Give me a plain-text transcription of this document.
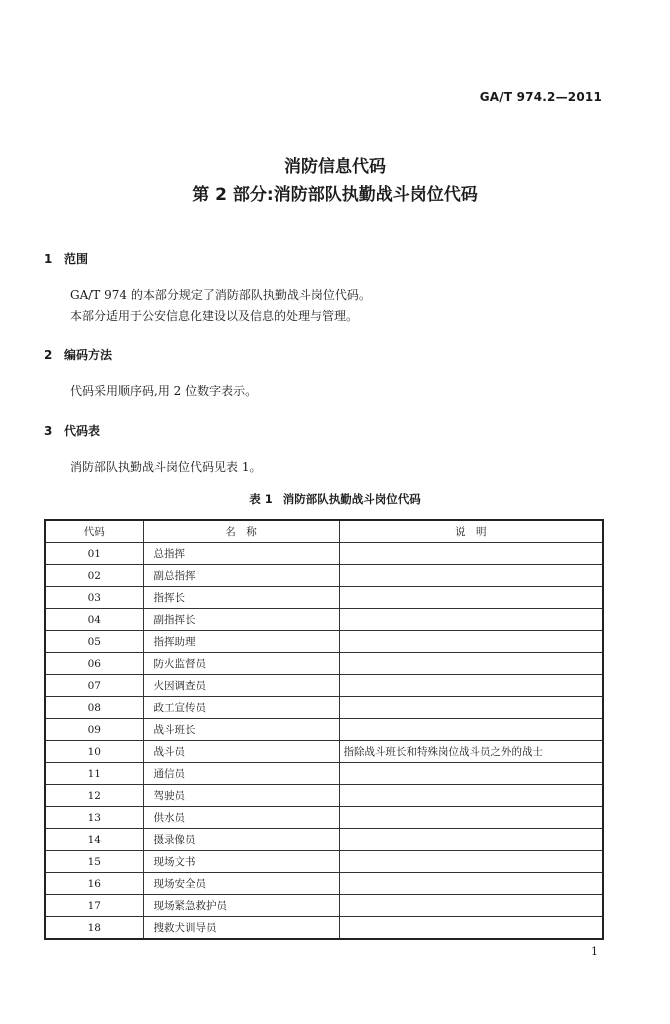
GA/T 974.2—2011
消防信息代码
第 2 部分:消防部队执勤战斗岗位代码
1 范围
GA/T 974 的本部分规定了消防部队执勤战斗岗位代码。
本部分适用于公安信息化建设以及信息的处理与管理。
2 编码方法
代码采用顺序码,用 2 位数字表示。
3 代码表
消防部队执勤战斗岗位代码见表 1。
表 1 消防部队执勤战斗岗位代码
代码	名　称	说　明
01	总指挥	
02	副总指挥	
03	指挥长	
04	副指挥长	
05	指挥助理	
06	防火监督员	
07	火因调查员	
08	政工宣传员	
09	战斗班长	
10	战斗员	指除战斗班长和特殊岗位战斗员之外的战士
11	通信员	
12	驾驶员	
13	供水员	
14	摄录像员	
15	现场文书	
16	现场安全员	
17	现场紧急救护员	
18	搜救犬训导员	
1
